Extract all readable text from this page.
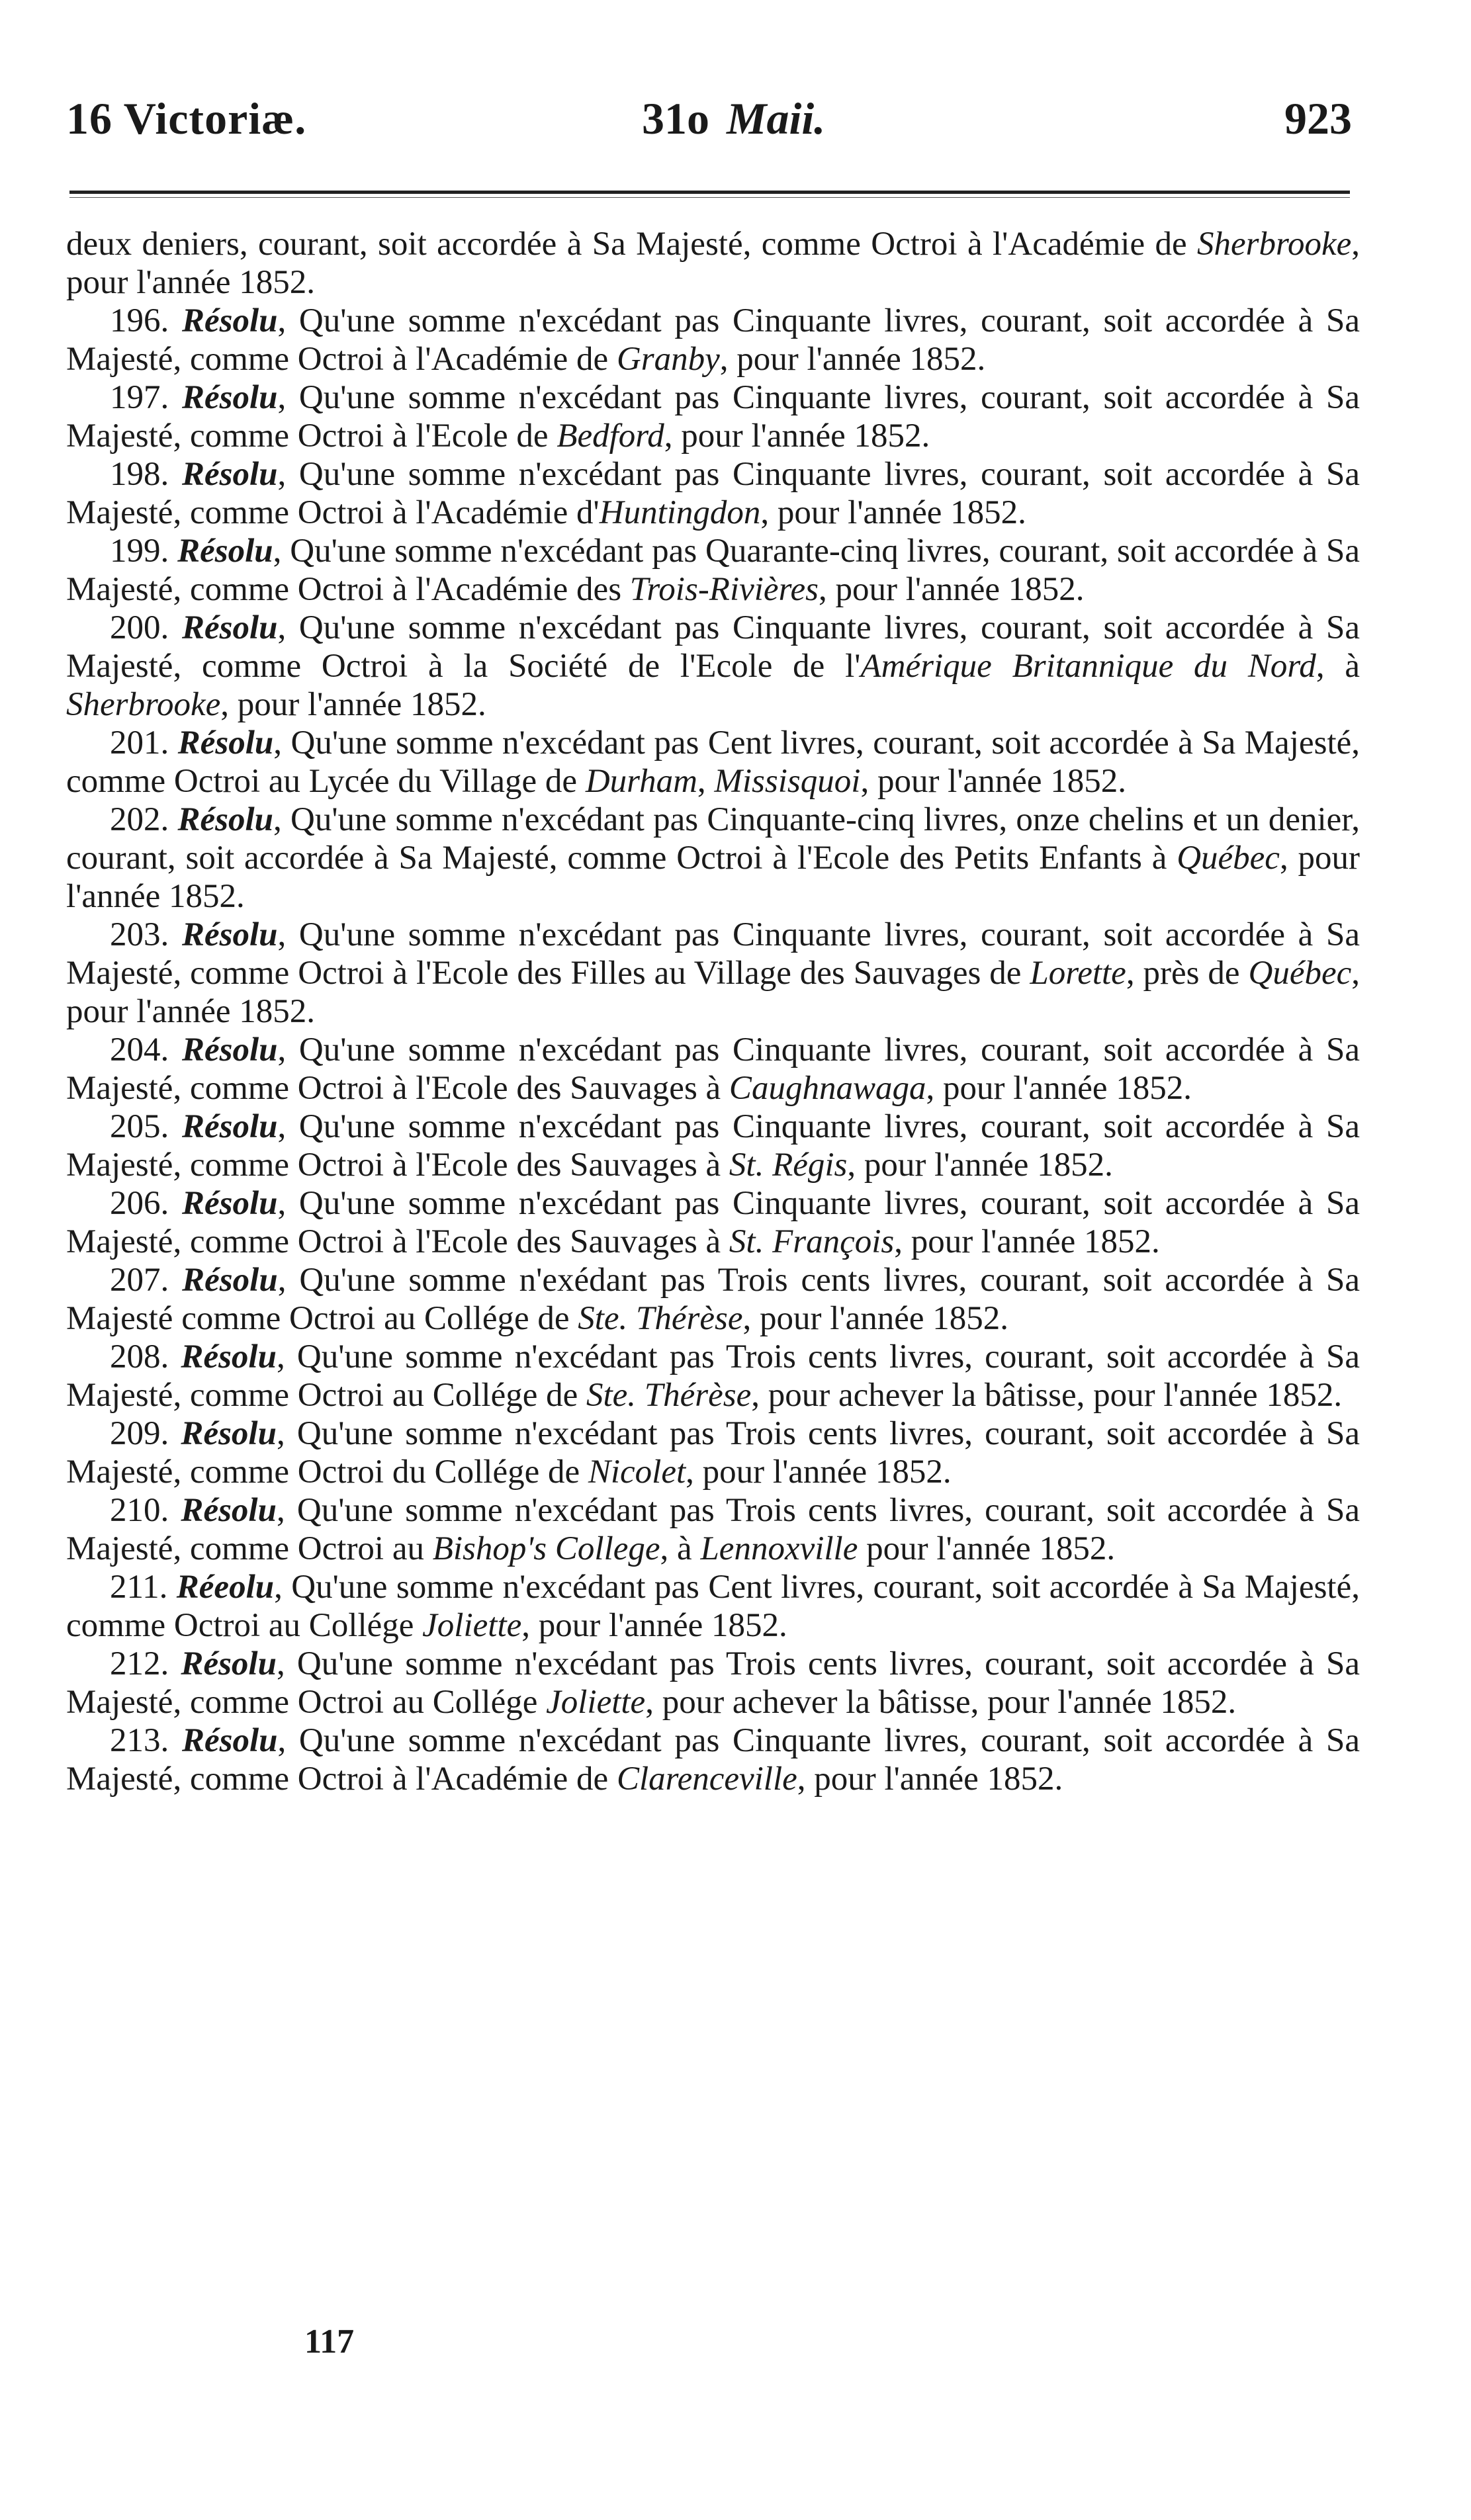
16 Victoriæ.	31o Maii.	923

deux deniers, courant, soit accordée à Sa Majesté, comme Octroi à l'Académie de Sherbrooke, pour l'année 1852.

196. Résolu, Qu'une somme n'excédant pas Cinquante livres, courant, soit accordée à Sa Majesté, comme Octroi à l'Académie de Granby, pour l'année 1852.

197. Résolu, Qu'une somme n'excédant pas Cinquante livres, courant, soit accordée à Sa Majesté, comme Octroi à l'Ecole de Bedford, pour l'année 1852.

198. Résolu, Qu'une somme n'excédant pas Cinquante livres, courant, soit accordée à Sa Majesté, comme Octroi à l'Académie d'Huntingdon, pour l'année 1852.

199. Résolu, Qu'une somme n'excédant pas Quarante-cinq livres, courant, soit accordée à Sa Majesté, comme Octroi à l'Académie des Trois-Rivières, pour l'année 1852.

200. Résolu, Qu'une somme n'excédant pas Cinquante livres, courant, soit accordée à Sa Majesté, comme Octroi à la Société de l'Ecole de l'Amérique Britannique du Nord, à Sherbrooke, pour l'année 1852.

201. Résolu, Qu'une somme n'excédant pas Cent livres, courant, soit accordée à Sa Majesté, comme Octroi au Lycée du Village de Durham, Missisquoi, pour l'année 1852.

202. Résolu, Qu'une somme n'excédant pas Cinquante-cinq livres, onze chelins et un denier, courant, soit accordée à Sa Majesté, comme Octroi à l'Ecole des Petits Enfants à Québec, pour l'année 1852.

203. Résolu, Qu'une somme n'excédant pas Cinquante livres, courant, soit accordée à Sa Majesté, comme Octroi à l'Ecole des Filles au Village des Sauvages de Lorette, près de Québec, pour l'année 1852.

204. Résolu, Qu'une somme n'excédant pas Cinquante livres, courant, soit accordée à Sa Majesté, comme Octroi à l'Ecole des Sauvages à Caughnawaga, pour l'année 1852.

205. Résolu, Qu'une somme n'excédant pas Cinquante livres, courant, soit accordée à Sa Majesté, comme Octroi à l'Ecole des Sauvages à St. Régis, pour l'année 1852.

206. Résolu, Qu'une somme n'excédant pas Cinquante livres, courant, soit accordée à Sa Majesté, comme Octroi à l'Ecole des Sauvages à St. François, pour l'année 1852.

207. Résolu, Qu'une somme n'exédant pas Trois cents livres, courant, soit accordée à Sa Majesté comme Octroi au Collége de Ste. Thérèse, pour l'année 1852.

208. Résolu, Qu'une somme n'excédant pas Trois cents livres, courant, soit accordée à Sa Majesté, comme Octroi au Collége de Ste. Thérèse, pour achever la bâtisse, pour l'année 1852.

209. Résolu, Qu'une somme n'excédant pas Trois cents livres, courant, soit accordée à Sa Majesté, comme Octroi du Collége de Nicolet, pour l'année 1852.

210. Résolu, Qu'une somme n'excédant pas Trois cents livres, courant, soit accordée à Sa Majesté, comme Octroi au Bishop's College, à Lennoxville pour l'année 1852.

211. Réeolu, Qu'une somme n'excédant pas Cent livres, courant, soit accordée à Sa Majesté, comme Octroi au Collége Joliette, pour l'année 1852.

212. Résolu, Qu'une somme n'excédant pas Trois cents livres, courant, soit accordée à Sa Majesté, comme Octroi au Collége Joliette, pour achever la bâtisse, pour l'année 1852.

213. Résolu, Qu'une somme n'excédant pas Cinquante livres, courant, soit accordée à Sa Majesté, comme Octroi à l'Académie de Clarenceville, pour l'année 1852.

117
